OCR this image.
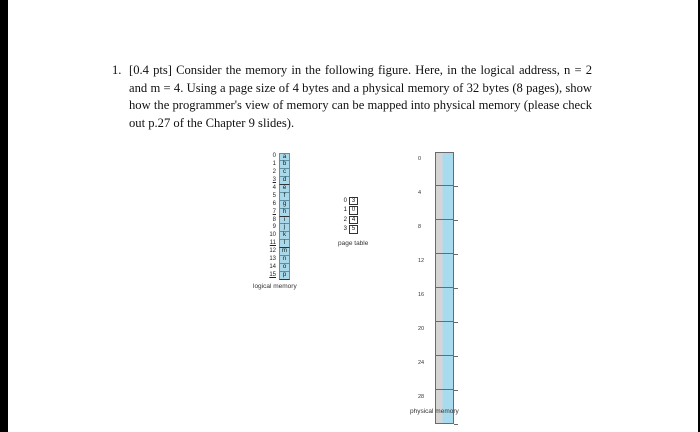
1. [0.4 pts] Consider the memory in the following figure. Here, in the logical address, n = 2 and m = 4. Using a page size of 4 bytes and a physical memory of 32 bytes (8 pages), show how the programmer's view of memory can be mapped into physical memory (please check out p.27 of the Chapter 9 slides).
0	a
1	b
2	c
3	d
4	e
5	f
6	g
7	h
8	i
9	j
10	k
11	l
12	m
13	n
14	o
15	p
logical memory
0 3
1 0
2 4
3 5
page table
0
4
8
12
16
20
24
28
physical memory
